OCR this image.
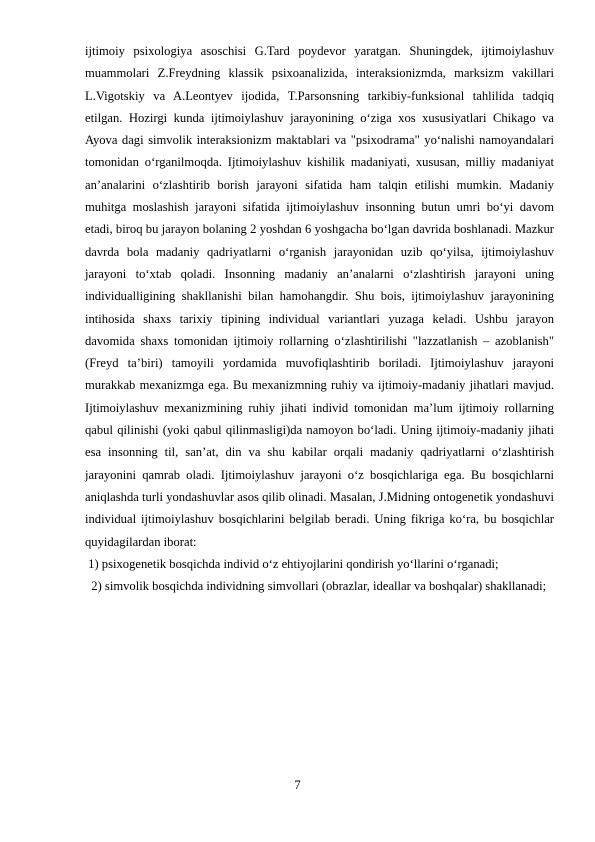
ijtimoiy psixologiya asoschisi G.Tard poydevor yaratgan. Shuningdek, ijtimoiylashuv muammolari Z.Freydning klassik psixoanalizida, interaksionizmda, marksizm vakillari L.Vigotskiy va A.Leontyev ijodida, T.Parsonsning tarkibiy-funksional tahlilida tadqiq etilgan. Hozirgi kunda ijtimoiylashuv jarayonining o‘ziga xos xususiyatlari Chikago va Ayova dagi simvolik interaksionizm maktablari va "psixodrama" yo‘nalishi namoyandalari tomonidan o‘rganilmoqda. Ijtimoiylashuv kishilik madaniyati, xususan, milliy madaniyat an’analarini o‘zlashtirib borish jarayoni sifatida ham talqin etilishi mumkin. Madaniy muhitga moslashish jarayoni sifatida ijtimoiylashuv insonning butun umri bo‘yi davom etadi, biroq bu jarayon bolaning 2 yoshdan 6 yoshgacha bo‘lgan davrida boshlanadi. Mazkur davrda bola madaniy qadriyatlarni o‘rganish jarayonidan uzib qo‘yilsa, ijtimoiylashuv jarayoni to‘xtab qoladi. Insonning madaniy an’analarni o‘zlashtirish jarayoni uning individualligining shakllanishi bilan hamohangdir. Shu bois, ijtimoiylashuv jarayonining intihosida shaxs tarixiy tipining individual variantlari yuzaga keladi. Ushbu jarayon davomida shaxs tomonidan ijtimoiy rollarning o‘zlashtirilishi "lazzatlanish – azoblanish" (Freyd ta’biri) tamoyili yordamida muvofiqlashtirib boriladi. Ijtimoiylashuv jarayoni murakkab mexanizmga ega. Bu mexanizmning ruhiy va ijtimoiy-madaniy jihatlari mavjud. Ijtimoiylashuv mexanizmining ruhiy jihati individ tomonidan ma’lum ijtimoiy rollarning qabul qilinishi (yoki qabul qilinmasligi)da namoyon bo‘ladi. Uning ijtimoiy-madaniy jihati esa insonning til, san’at, din va shu kabilar orqali madaniy qadriyatlarni o‘zlashtirish jarayonini qamrab oladi. Ijtimoiylashuv jarayoni o‘z bosqichlariga ega. Bu bosqichlarni aniqlashda turli yondashuvlar asos qilib olinadi. Masalan, J.Midning ontogenetik yondashuvi individual ijtimoiylashuv bosqichlarini belgilab beradi. Uning fikriga ko‘ra, bu bosqichlar quyidagilardan iborat:

1) psixogenetik bosqichda individ o‘z ehtiyojlarini qondirish yo‘llarini o‘rganadi;

2) simvolik bosqichda individning simvollari (obrazlar, ideallar va boshqalar) shakllanadi;

7
